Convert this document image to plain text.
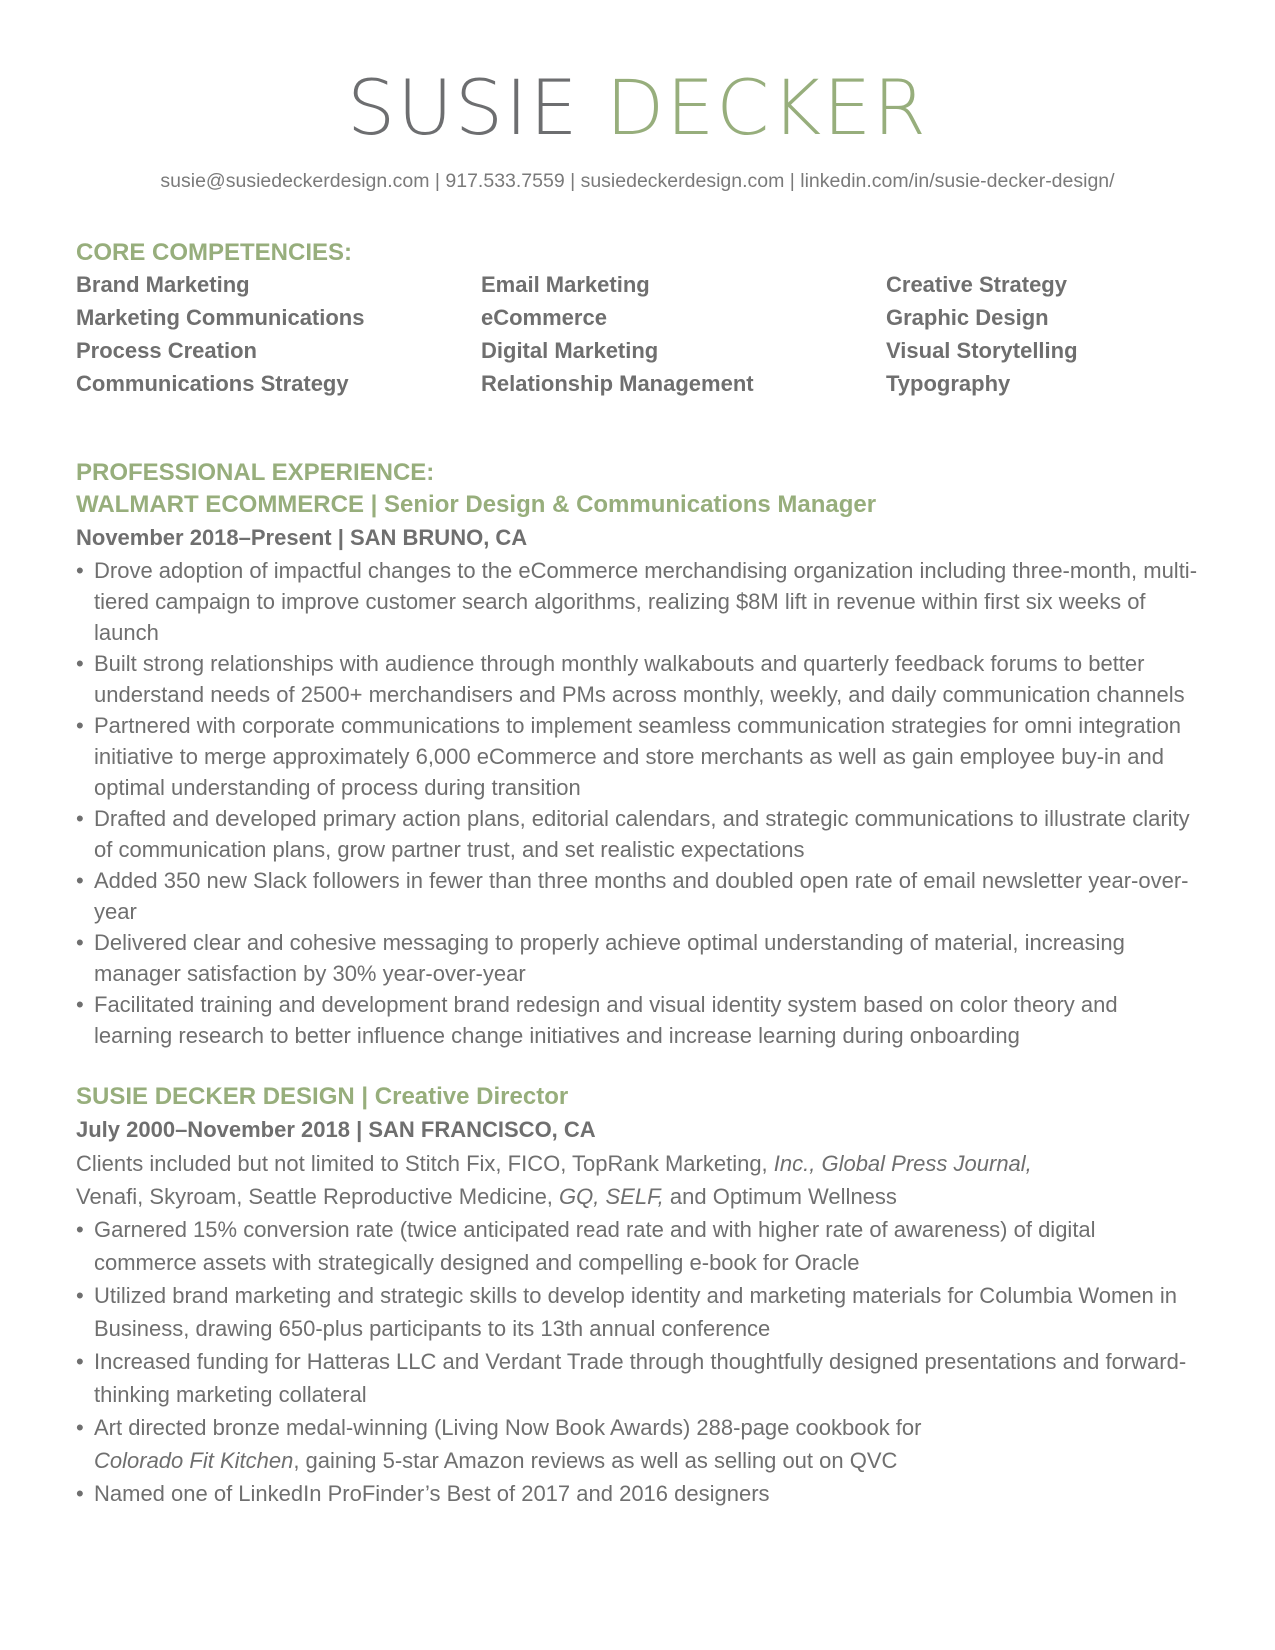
SUSIE DECKER
susie@susiedeckerdesign.com | 917.533.7559 | susiedeckerdesign.com | linkedin.com/in/susie-decker-design/
CORE COMPETENCIES:
Brand Marketing	Email Marketing	Creative Strategy
Marketing Communications	eCommerce	Graphic Design
Process Creation	Digital Marketing	Visual Storytelling
Communications Strategy	Relationship Management	Typography
PROFESSIONAL EXPERIENCE:
WALMART ECOMMERCE | Senior Design & Communications Manager
November 2018–Present | SAN BRUNO, CA
• Drove adoption of impactful changes to the eCommerce merchandising organization including three-month, multi-tiered campaign to improve customer search algorithms, realizing $8M lift in revenue within first six weeks of launch
• Built strong relationships with audience through monthly walkabouts and quarterly feedback forums to better understand needs of 2500+ merchandisers and PMs across monthly, weekly, and daily communication channels
• Partnered with corporate communications to implement seamless communication strategies for omni integration initiative to merge approximately 6,000 eCommerce and store merchants as well as gain employee buy-in and optimal understanding of process during transition
• Drafted and developed primary action plans, editorial calendars, and strategic communications to illustrate clarity of communication plans, grow partner trust, and set realistic expectations
• Added 350 new Slack followers in fewer than three months and doubled open rate of email newsletter year-over-year
• Delivered clear and cohesive messaging to properly achieve optimal understanding of material, increasing manager satisfaction by 30% year-over-year
• Facilitated training and development brand redesign and visual identity system based on color theory and learning research to better influence change initiatives and increase learning during onboarding
SUSIE DECKER DESIGN | Creative Director
July 2000–November 2018 | SAN FRANCISCO, CA
Clients included but not limited to Stitch Fix, FICO, TopRank Marketing, Inc., Global Press Journal,
Venafi, Skyroam, Seattle Reproductive Medicine, GQ, SELF, and Optimum Wellness
• Garnered 15% conversion rate (twice anticipated read rate and with higher rate of awareness) of digital commerce assets with strategically designed and compelling e-book for Oracle
• Utilized brand marketing and strategic skills to develop identity and marketing materials for Columbia Women in Business, drawing 650-plus participants to its 13th annual conference
• Increased funding for Hatteras LLC and Verdant Trade through thoughtfully designed presentations and forward-thinking marketing collateral
• Art directed bronze medal-winning (Living Now Book Awards) 288-page cookbook for
Colorado Fit Kitchen, gaining 5-star Amazon reviews as well as selling out on QVC
• Named one of LinkedIn ProFinder’s Best of 2017 and 2016 designers
